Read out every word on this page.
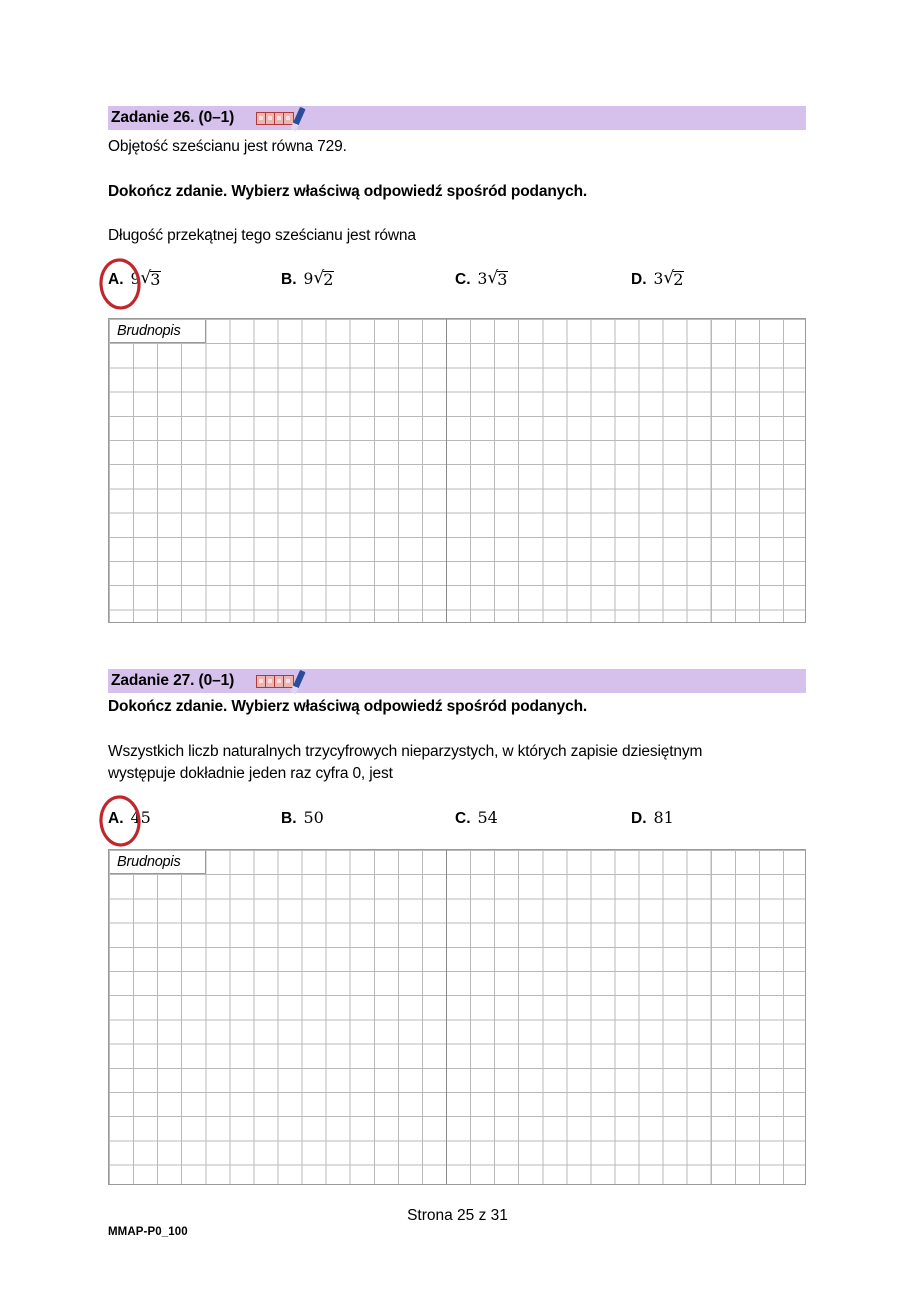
Zadanie 26. (0–1)
Objętość sześcianu jest równa 729.
Dokończ zdanie. Wybierz właściwą odpowiedź spośród podanych.
Długość przekątnej tego sześcianu jest równa
A. 9 √ 3	B. 9 √ 2	C. 3 √ 3	D. 3 √ 2
Brudnopis
Zadanie 27. (0–1)
Dokończ zdanie. Wybierz właściwą odpowiedź spośród podanych.
Wszystkich liczb naturalnych trzycyfrowych nieparzystych, w których zapisie dziesiętnym
występuje dokładnie jeden raz cyfra 0, jest
A. 45	B. 50	C. 54	D. 81
Brudnopis
Strona 25 z 31
MMAP-P0_100
